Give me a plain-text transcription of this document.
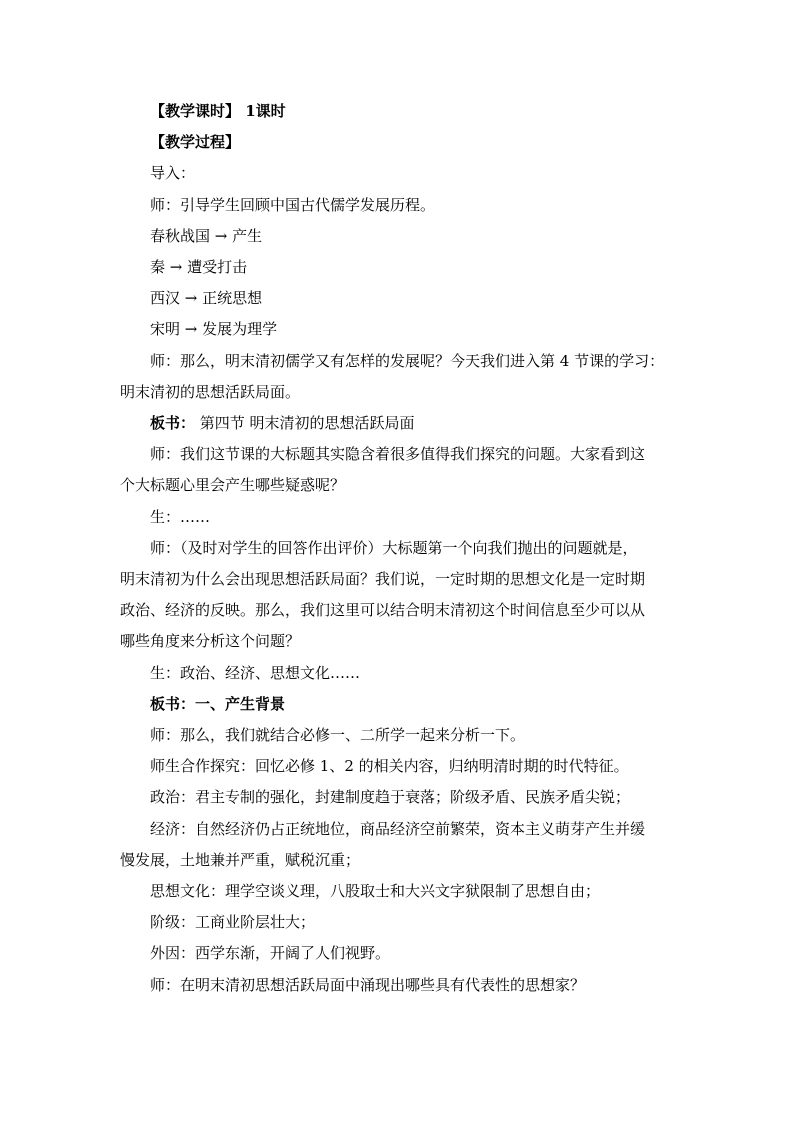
【教学课时】 1课时
【教学过程】
导入：
师：引导学生回顾中国古代儒学发展历程。
春秋战国 → 产生
秦 → 遭受打击
西汉 → 正统思想
宋明 → 发展为理学
师：那么，明末清初儒学又有怎样的发展呢？今天我们进入第 4 节课的学习：
明末清初的思想活跃局面。
板书： 第四节 明末清初的思想活跃局面
师：我们这节课的大标题其实隐含着很多值得我们探究的问题。大家看到这
个大标题心里会产生哪些疑惑呢？
生：……
师：（及时对学生的回答作出评价）大标题第一个向我们抛出的问题就是，
明末清初为什么会出现思想活跃局面？我们说，一定时期的思想文化是一定时期
政治、经济的反映。那么，我们这里可以结合明末清初这个时间信息至少可以从
哪些角度来分析这个问题？
生：政治、经济、思想文化……
板书：一、产生背景
师：那么，我们就结合必修一、二所学一起来分析一下。
师生合作探究：回忆必修 1、2 的相关内容，归纳明清时期的时代特征。
政治：君主专制的强化，封建制度趋于衰落；阶级矛盾、民族矛盾尖锐；
经济：自然经济仍占正统地位，商品经济空前繁荣，资本主义萌芽产生并缓
慢发展，土地兼并严重，赋税沉重；
思想文化：理学空谈义理，八股取士和大兴文字狱限制了思想自由；
阶级：工商业阶层壮大；
外因：西学东渐，开阔了人们视野。
师：在明末清初思想活跃局面中涌现出哪些具有代表性的思想家？
